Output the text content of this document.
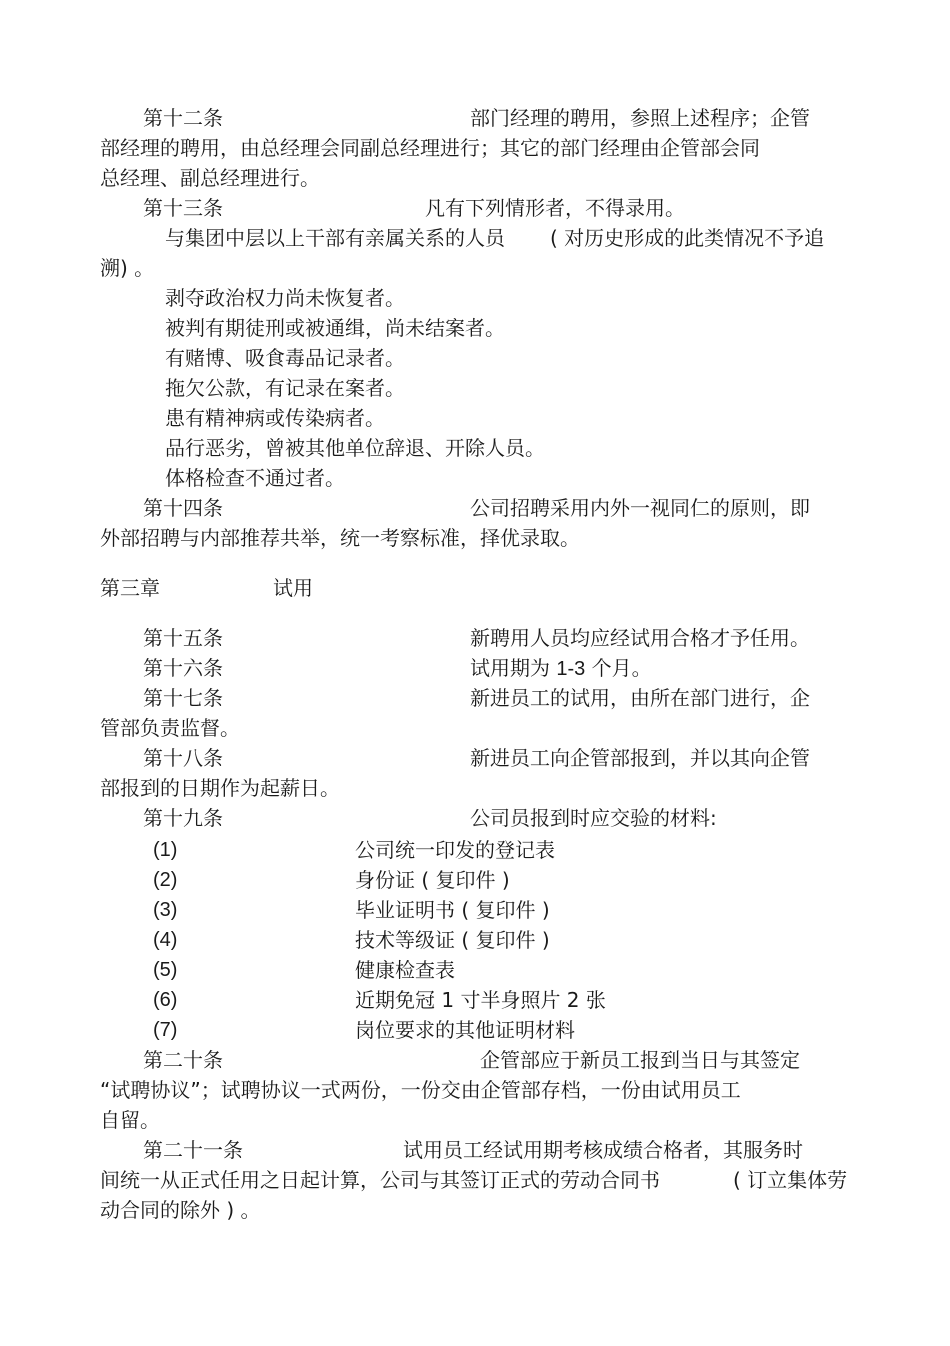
第十二条	部门经理的聘用，参照上述程序；企管
部经理的聘用，由总经理会同副总经理进行；其它的部门经理由企管部会同
总经理、副总经理进行。
第十三条	凡有下列情形者，不得录用。
与集团中层以上干部有亲属关系的人员 ( 对历史形成的此类情况不予追
溯) 。
剥夺政治权力尚未恢复者。
被判有期徒刑或被通缉，尚未结案者。
有赌博、吸食毒品记录者。
拖欠公款，有记录在案者。
患有精神病或传染病者。
品行恶劣，曾被其他单位辞退、开除人员。
体格检查不通过者。
第十四条	公司招聘采用内外一视同仁的原则，即
外部招聘与内部推荐共举，统一考察标准，择优录取。
第三章	试用
第十五条	新聘用人员均应经试用合格才予任用。
第十六条	试用期为 1-3 个月。
第十七条	新进员工的试用，由所在部门进行，企
管部负责监督。
第十八条	新进员工向企管部报到，并以其向企管
部报到的日期作为起薪日。
第十九条	公司员报到时应交验的材料:
(1)	公司统一印发的登记表
(2)	身份证 ( 复印件 )
(3)	毕业证明书 ( 复印件 )
(4)	技术等级证 ( 复印件 )
(5)	健康检查表
(6)	近期免冠 1 寸半身照片 2 张
(7)	岗位要求的其他证明材料
第二十条	企管部应于新员工报到当日与其签定
“试聘协议”；试聘协议一式两份，一份交由企管部存档，一份由试用员工
自留。
第二十一条	试用员工经试用期考核成绩合格者，其服务时
间统一从正式任用之日起计算，公司与其签订正式的劳动合同书	( 订立集体劳
动合同的除外 ) 。
